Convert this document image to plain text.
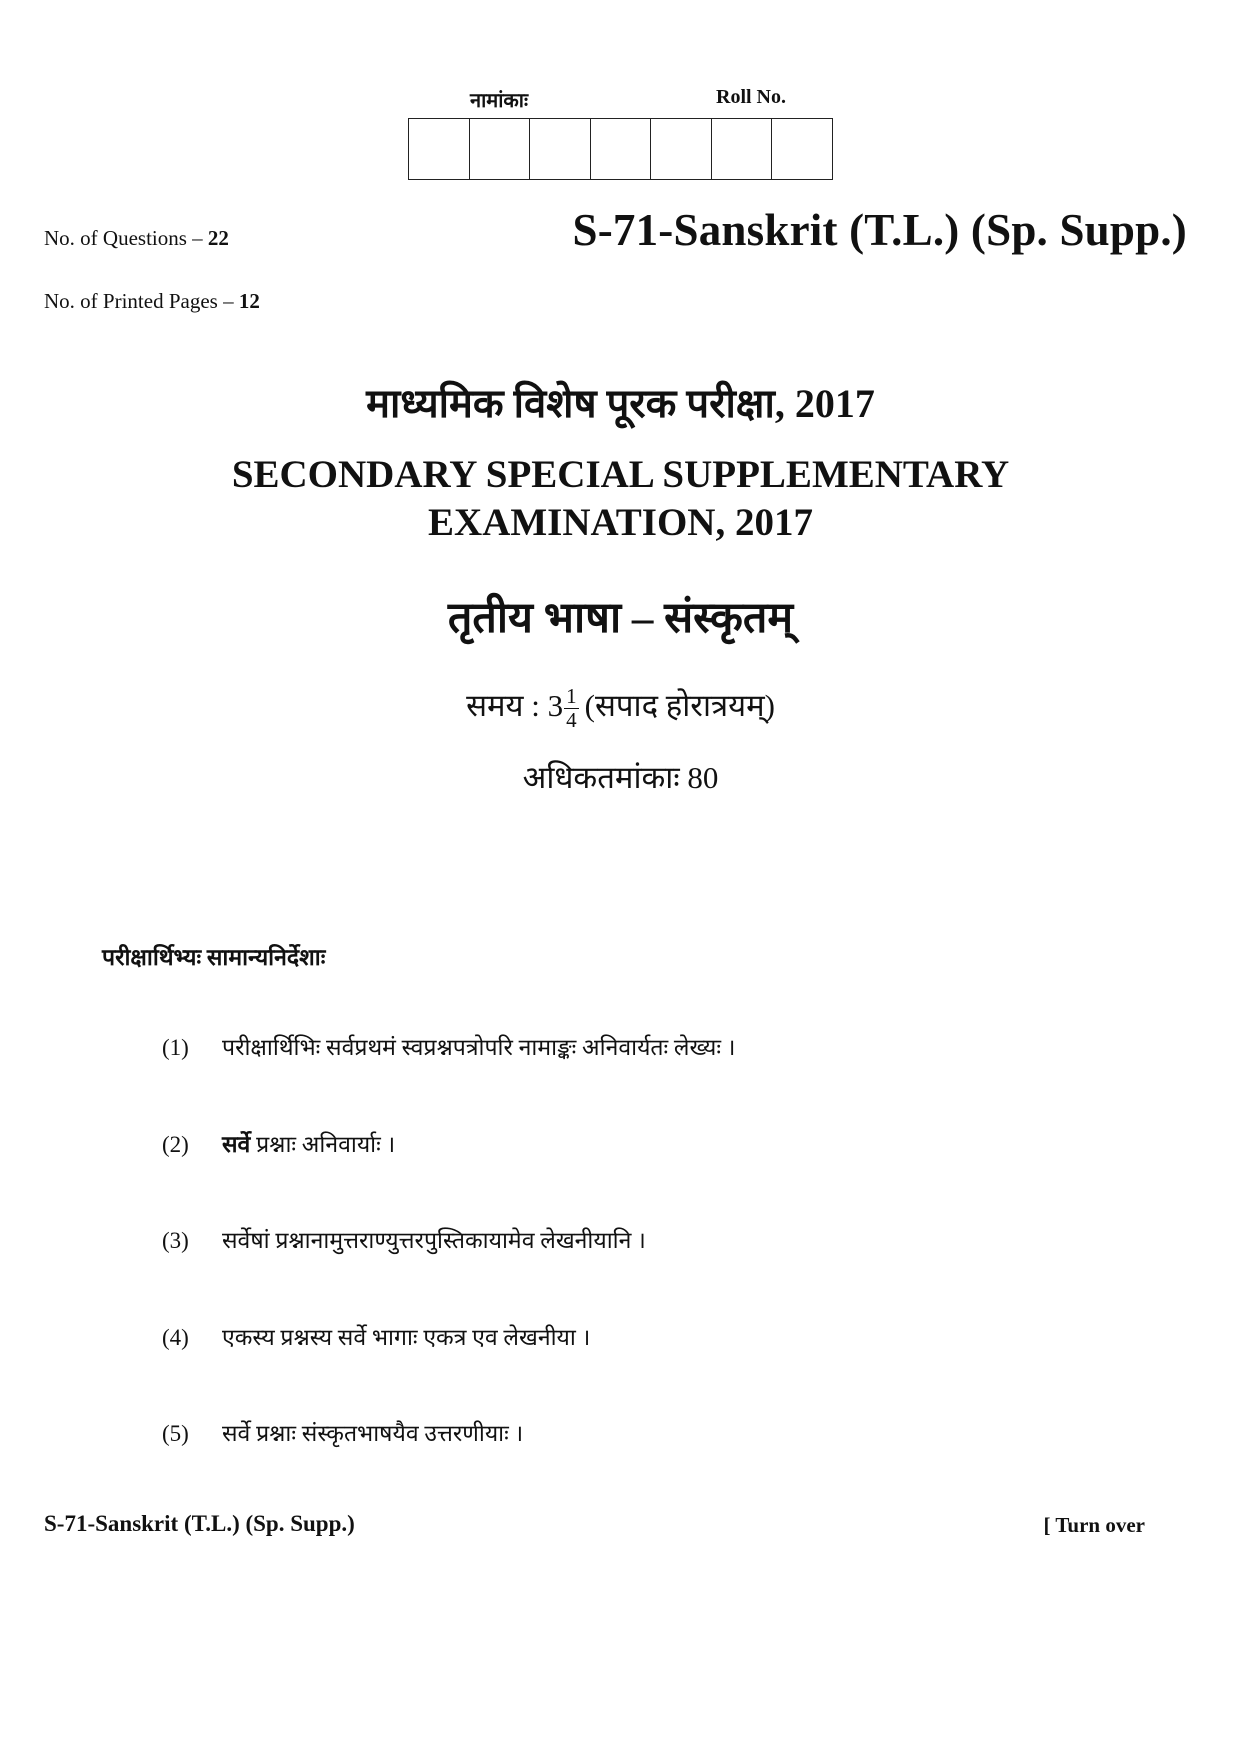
नामांकाः	Roll No.
No. of Questions – 22
No. of Printed Pages – 12
S-71-Sanskrit (T.L.) (Sp. Supp.)
माध्यमिक विशेष पूरक परीक्षा, 2017
SECONDARY SPECIAL SUPPLEMENTARY
EXAMINATION, 2017
तृतीय भाषा – संस्कृतम्
समय : $3 \frac{1}{4}$ (सपाद होरात्रयम्)
अधिकतमांकाः 80
परीक्षार्थिभ्यः सामान्यनिर्देशाः
(1) परीक्षार्थिभिः सर्वप्रथमं स्वप्रश्नपत्रोपरि नामाङ्कः अनिवार्यतः लेख्यः ।
(2) सर्वे प्रश्नाः अनिवार्याः ।
(3) सर्वेषां प्रश्नानामुत्तराण्युत्तरपुस्तिकायामेव लेखनीयानि ।
(4) एकस्य प्रश्नस्य सर्वे भागाः एकत्र एव लेखनीया ।
(5) सर्वे प्रश्नाः संस्कृतभाषयैव उत्तरणीयाः ।
S-71-Sanskrit (T.L.) (Sp. Supp.)	[ Turn over
